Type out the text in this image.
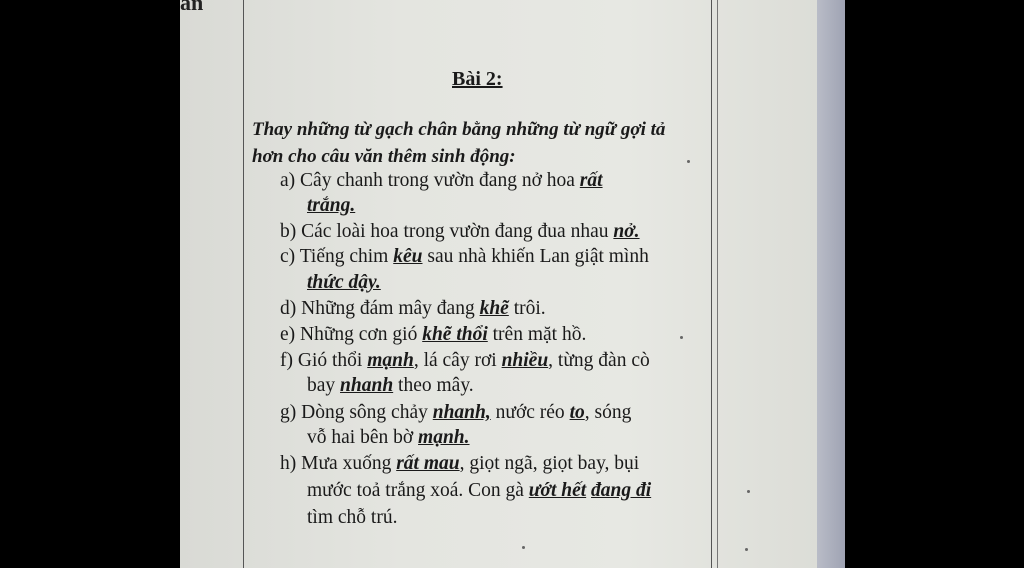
an
Bài 2:
Thay những từ gạch chân bằng những từ ngữ gợi tả hơn cho câu văn thêm sinh động:
a) Cây chanh trong vườn đang nở hoa rất
trắng.
b) Các loài hoa trong vườn đang đua nhau nở.
c) Tiếng chim kêu sau nhà khiến Lan giật mình
thức dậy.
d) Những đám mây đang khẽ trôi.
e) Những cơn gió khẽ thổi trên mặt hồ.
f) Gió thổi mạnh, lá cây rơi nhiều, từng đàn cò
bay nhanh theo mây.
g) Dòng sông chảy nhanh, nước réo to, sóng
vỗ hai bên bờ mạnh.
h) Mưa xuống rất mau, giọt ngã, giọt bay, bụi
mước toả trắng xoá. Con gà ướt hết đang đi
tìm chỗ trú.
